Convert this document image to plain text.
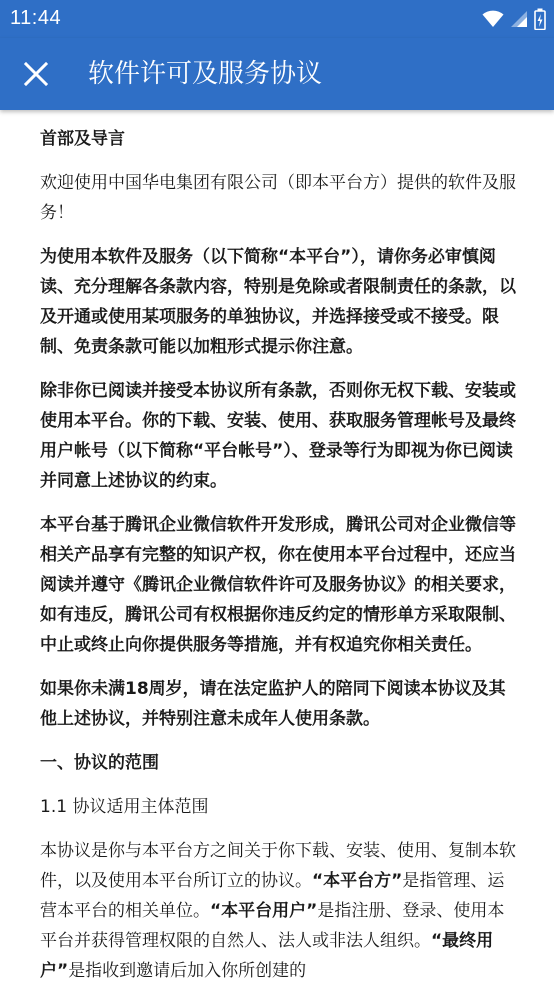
11:44
软件许可及服务协议

首部及导言

欢迎使用中国华电集团有限公司（即本平台方）提供的软件及服务！

为使用本软件及服务（以下简称“本平台”），请你务必审慎阅读、充分理解各条款内容，特别是免除或者限制责任的条款，以及开通或使用某项服务的单独协议，并选择接受或不接受。限制、免责条款可能以加粗形式提示你注意。

除非你已阅读并接受本协议所有条款，否则你无权下载、安装或使用本平台。你的下载、安装、使用、获取服务管理帐号及最终用户帐号（以下简称“平台帐号”）、登录等行为即视为你已阅读并同意上述协议的约束。

本平台基于腾讯企业微信软件开发形成，腾讯公司对企业微信等相关产品享有完整的知识产权，你在使用本平台过程中，还应当阅读并遵守《腾讯企业微信软件许可及服务协议》的相关要求，如有违反，腾讯公司有权根据你违反约定的情形单方采取限制、中止或终止向你提供服务等措施，并有权追究你相关责任。

如果你未满18周岁，请在法定监护人的陪同下阅读本协议及其他上述协议，并特别注意未成年人使用条款。

一、协议的范围

1.1 协议适用主体范围

本协议是你与本平台方之间关于你下载、安装、使用、复制本软件，以及使用本平台所订立的协议。“本平台方”是指管理、运营本平台的相关单位。“本平台用户”是指注册、登录、使用本平台并获得管理权限的自然人、法人或非法人组织。“最终用户”是指收到邀请后加入你所创建的
